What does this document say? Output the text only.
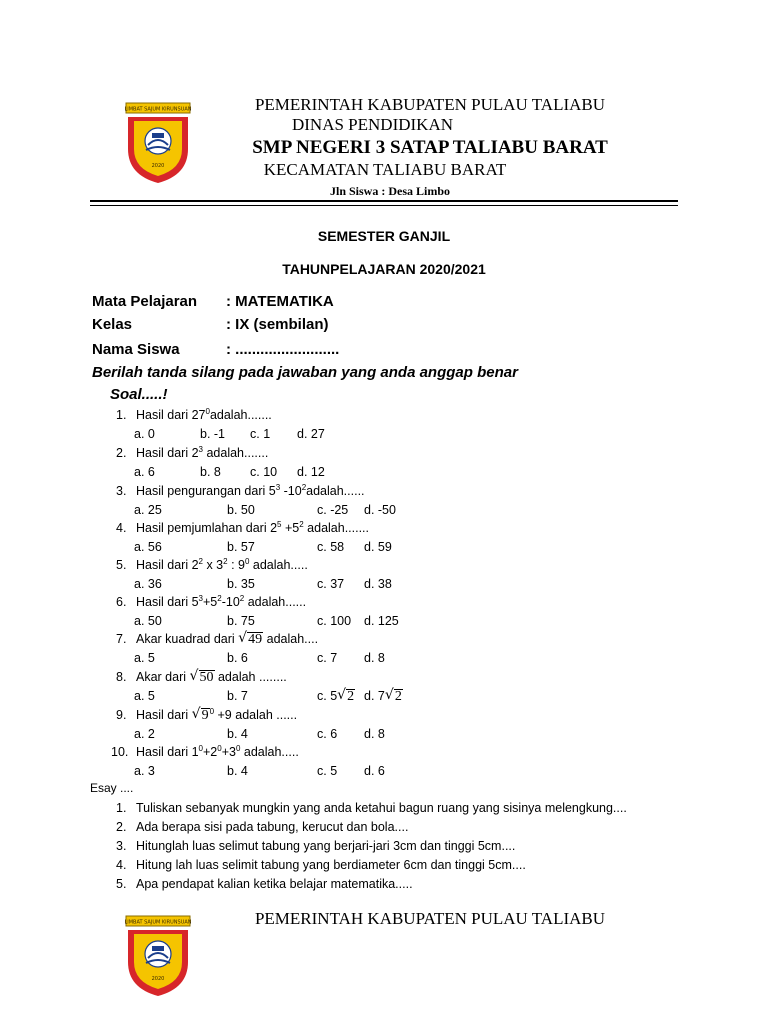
LIMBAT SAJUM KIRUNSUAN
2020
PEMERINTAH KABUPATEN PULAU TALIABU
DINAS PENDIDIKAN
SMP NEGERI 3 SATAP TALIABU BARAT
KECAMATAN TALIABU BARAT
Jln Siswa : Desa Limbo
SEMESTER GANJIL
TAHUNPELAJARAN 2020/2021
Mata Pelajaran : MATEMATIKA
Kelas	: IX (sembilan)
Nama Siswa	: .........................
Berilah tanda silang pada jawaban yang anda anggap benar
Soal.....!
1. Hasil dari $27^0adalah$.......
a. 0	b. -1 c. 1 d. 27
2. Hasil dari $2^3$ adalah.......
a. 6	b. 8 c. 10 d. 12
3. Hasil pengurangan dari $5^3$ $-10^2adalah$......
a. 25	b. 50	c. -25 d. -50
4. Hasil pemjumlahan dari $2^5 +5^2$ adalah.......
a. 56	b. 57	c. 58 d. 59
5. Hasil dari $2^2$ x $3^2$ : $9^0$ adalah.....
a. 36	b. 35	c. 37 d. 38
6. Hasil dari $5^3+5^2-10^2$ adalah......
a. 50	b. 75	c. 100 d. 125
7. Akar kuadrad dari √ 49 adalah....
a. 5	b. 6	c. 7 d. 8
8. Akar dari √ 50 adalah ........
a. 5	b. 7	c. 5 √ 2 d. 7 √ 2
9. Hasil dari √ $9^0 +9$ adalah ......
a. 2	b. 4	c. 6 d. 8
10. Hasil dari $1^0+2^0+3^0$ adalah.....
a. 3	b. 4	c. 5 d. 6
Esay ....
1. Tuliskan sebanyak mungkin yang anda ketahui bagun ruang yang sisinya melengkung....
2. Ada berapa sisi pada tabung, kerucut dan bola....
3. Hitunglah luas selimut tabung yang berjari-jari 3cm dan tinggi 5cm....
4. Hitung lah luas selimit tabung yang berdiameter 6cm dan tinggi 5cm....
5. Apa pendapat kalian ketika belajar matematika.....
LIMBAT SAJUM KIRUNSUAN
2020
PEMERINTAH KABUPATEN PULAU TALIABU
